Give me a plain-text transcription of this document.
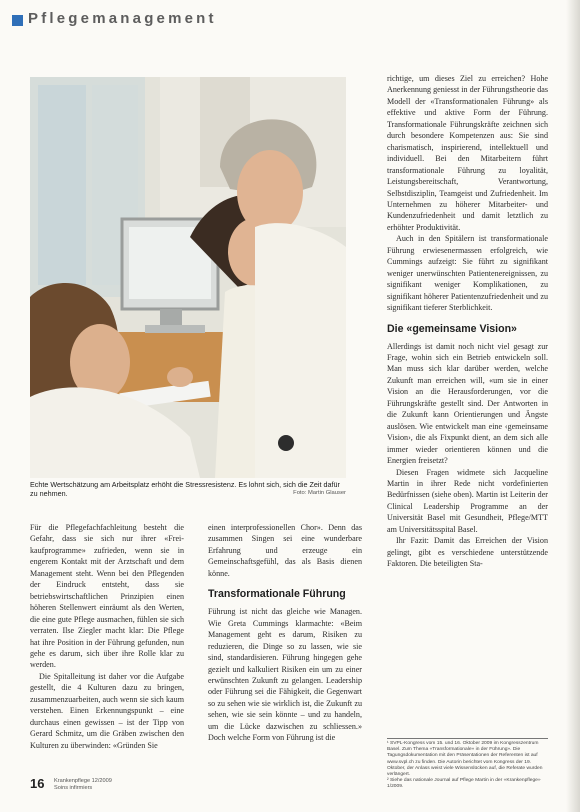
Pflegemanagement
Echte Wertschätzung am Arbeitsplatz erhöht die Stressresistenz. Es lohnt sich, sich die Zeit dafür zu nehmen.	Foto: Martin Glauser

Für die Pflegefachfachleitung besteht die Gefahr, dass sie sich nur ihrer «Frei- kaufprogramme» zufrieden, wenn sie in engerem Kontakt mit der Arztschaft und dem Management steht. Wenn bei den Pflegenden der Eindruck entsteht, dass sie betriebswirtschaftlichen Prinzipien einen höheren Stellenwert einräumt als den Werten, die eine gute Pflege ausmachen, fühlen sie sich verraten. Ilse Ziegler macht klar: Die Pflege hat ihre Position in der Führung gefunden, nun gehe es darum, sich über ihre Rolle klar zu werden.

Die Spitalleitung ist daher vor die Aufgabe gestellt, die 4 Kulturen dazu zu bringen, zusammenzuarbeiten, auch wenn sie sich kaum verstehen. Einen Erkennungspunkt – eine durchaus einen gewissen – ist der Tipp von Gerard Schmitz, um die Gräben zwischen den Kulturen zu überwinden: «Gründen Sie

einen interprofessionellen Chor». Denn das zusammen Singen sei eine wunderbare Erfahrung und erzeuge ein Gemeinschaftsgefühl, das als Basis dienen könne.

Transformationale Führung

Führung ist nicht das gleiche wie Managen. Wie Greta Cummings klarmachte: «Beim Management geht es darum, Risiken zu reduzieren, die Dinge so zu lassen, wie sie sind, standardisieren. Führung hingegen gehe gezielt und kalkuliert Risiken ein um zu einer erwünschten Zukunft zu gelangen. Leadership oder Führung sei die Fähigkeit, die Gegenwart so zu sehen wie sie wirklich ist, die Zukunft zu sehen, wie sie sein könnte – und zu handeln, um die Lücke dazwischen zu schliessen.» Doch welche Form von Führung ist die

richtige, um dieses Ziel zu erreichen? Hohe Anerkennung geniesst in der Führungstheorie das Modell der «Transformationalen Führung» als effektive und aktive Form der Führung. Transformationale Führungskräfte zeichnen sich durch besondere Kompetenzen aus: Sie sind charismatisch, inspirierend, intellektuell und individuell. Bei den Mitarbeitern führt transformationale Führung zu loyalität, Leistungsbereitschaft, Verantwortung, Selbstdisziplin, Teamgeist und Zufriedenheit. Im Unternehmen zu höherer Mitarbeiter- und Kundenzufriedenheit und damit letztlich zu erhöhter Produktivität.

Auch in den Spitälern ist transformationale Führung erwiesenermassen erfolgreich, wie Cummings aufzeigt: Sie führt zu signifikant weniger unerwünschten Patientenereignissen, zu signifikant weniger Komplikationen, zu signifikant höherer Patientenzufriedenheit und zu signifikant tieferer Sterblichkeit.

Die «gemeinsame Vision»

Allerdings ist damit noch nicht viel gesagt zur Frage, wohin sich ein Betrieb entwickeln soll. Man muss sich klar darüber werden, welche Zukunft man erreichen will, «um sie in einer Vision an die Herausforderungen, vor die Führungskräfte gestellt sind. Der Antworten in die Zukunft kann Orientierungen und Ängste auslösen. Wie entwickelt man eine ‹gemeinsame Vision›, die als Fixpunkt dient, an dem sich alle immer wieder orientieren können und die Energien freisetzt?

Diesen Fragen widmete sich Jacqueline Martin in ihrer Rede nicht vordefinierten Bedürfnissen (siehe oben). Martin ist Leiterin der Clinical Leadership Programme an der Universität Basel mit Gesundheit, Pflege/MTT am Universitätsspital Basel.

Ihr Fazit: Damit das Erreichen der Vision gelingt, gibt es verschiedene unterstützende Faktoren. Die beteiligten Sta-

¹ SVPL-Kongress vom 15. und 16. Oktober 2009 im Kongresszentrum Basel. Zum Thema «Transformationale» in der Führung». Die Tagungsdokumentation mit den Präsentationen der Referenten ist auf www.svpl.ch zu finden. Die Autorin berichtet vom Kongress der 19. Oktober, der Anlass weist viele Wissenslücken auf, die Referate wurden verlängert.

² Siehe das nationale Journal auf Pflege Martin in der «Krankenpflege» 1/2009.

16 Krankenpflege 12/2009
Soins infirmiers
